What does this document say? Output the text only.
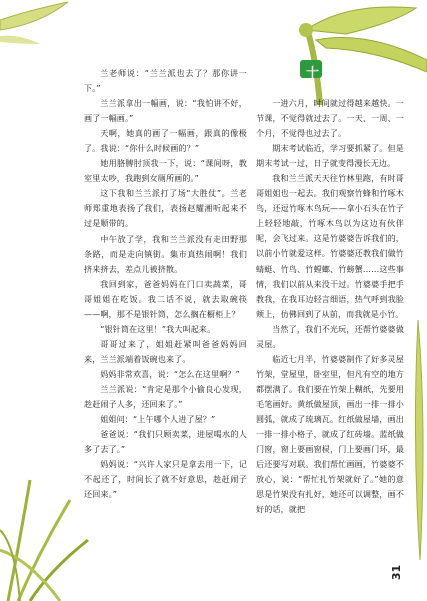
十

兰老师说：“兰兰派也去了？那你讲一下。”

兰兰派拿出一幅画，说：“我怕讲不好，画了一幅画。”

天啊，她真的画了一幅画，跟真的像极了。我说：“你什么时候画的？”

她用胳膊肘顶我一下，说：“课间呀，教室里太吵，我跑到女厕所画的。”

这下我和兰兰派打了场“大胜仗”。兰老师郑重地表扬了我们，表扬赵耀湘听起来不过是顺带的。

中午放了学，我和兰兰派没有走田野那条路，而是走向镇街。集市真热闹啊！我们挤来挤去，差点儿被挤散。

我回到家，爸爸妈妈在门口卖蔬菜，哥哥姐姐在吃饭。我二话不说，就去取碗筷——啊，那不是银针筒，怎么搁在橱柜上？

“银针筒在这里！”我大叫起来。

哥哥过来了，姐姐赶紧叫爸爸妈妈回来，兰兰派端着饭碗也来了。

妈妈非常欢喜，说：“怎么在这里啊？”

兰兰派说：“肯定是那个小偷良心发现，趁赶闹子人多，还回来了。”

姐姐问：“上午哪个人进了屋？”

爸爸说：“我们只顾卖菜，进屋喝水的人多了去了。”

妈妈说：“兴许人家只是拿去用一下，记不起还了，时间长了就不好意思，趁赶闹子还回来。”

一进六月，时间就过得越来越快。一节课，不觉得就过去了。一天、一周、一个月，不觉得也过去了。

期末考试临近，学习要抓紧了。但是期末考试一过，日子就变得漫长无边。

我和兰兰派天天往竹林里跑，有时哥哥姐姐也一起去。我们观察竹蜂和竹啄木鸟，还逗竹啄木鸟玩——拿小石头在竹子上轻轻地敲，竹啄木鸟以为这边有伙伴呢，会飞过来。这是竹婆婆告诉我们的，以前小竹就爱这样。竹婆婆还教我们做竹蜻蜓、竹鸟、竹螳螂、竹螃蟹……这些事情，我们以前从来没干过。竹婆婆手把手教我，在我耳边轻言细语，热气呼到我脸颊上，仿佛回到了从前，而我就是小竹。

当然了，我们不光玩，还帮竹婆婆做灵屋。

临近七月半，竹婆婆制作了好多灵屋竹架，堂屋里，卧室里，但凡有空的地方都摆满了。我们要在竹架上糊纸，先要用毛笔画好。黄纸做屋顶，画出一排一排小圆弧，就成了琉璃瓦。红纸做屋墙，画出一排一排小格子，就成了红砖墙。蓝纸做门窗，窗上要画窗棂，门上要画门环，最后还要写对联。我们帮忙画画，竹婆婆不放心，说：“帮忙扎竹架就好了。”她的意思是竹架没有扎好，她还可以调整，画不好的话，就把

31
